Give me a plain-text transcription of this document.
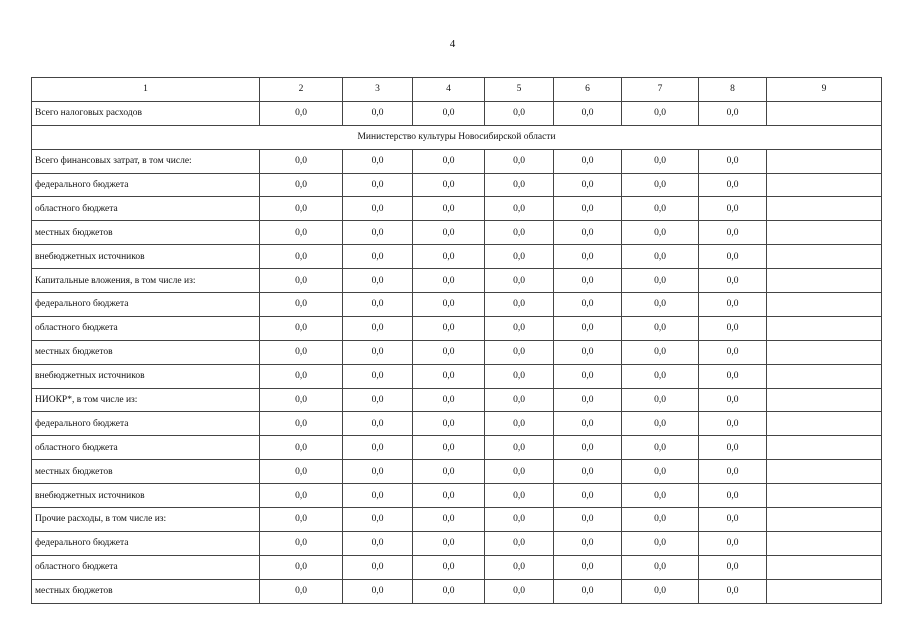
4
1	2	3	4	5	6	7	8	9
Всего налоговых расходов	0,0	0,0	0,0	0,0	0,0	0,0	0,0	
Министерство культуры Новосибирской области								
Всего финансовых затрат, в том числе:	0,0	0,0	0,0	0,0	0,0	0,0	0,0	
федерального бюджета	0,0	0,0	0,0	0,0	0,0	0,0	0,0	
областного бюджета	0,0	0,0	0,0	0,0	0,0	0,0	0,0	
местных бюджетов	0,0	0,0	0,0	0,0	0,0	0,0	0,0	
внебюджетных источников	0,0	0,0	0,0	0,0	0,0	0,0	0,0	
Капитальные вложения, в том числе из:	0,0	0,0	0,0	0,0	0,0	0,0	0,0	
федерального бюджета	0,0	0,0	0,0	0,0	0,0	0,0	0,0	
областного бюджета	0,0	0,0	0,0	0,0	0,0	0,0	0,0	
местных бюджетов	0,0	0,0	0,0	0,0	0,0	0,0	0,0	
внебюджетных источников	0,0	0,0	0,0	0,0	0,0	0,0	0,0	
НИОКР*, в том числе из:	0,0	0,0	0,0	0,0	0,0	0,0	0,0	
федерального бюджета	0,0	0,0	0,0	0,0	0,0	0,0	0,0	
областного бюджета	0,0	0,0	0,0	0,0	0,0	0,0	0,0	
местных бюджетов	0,0	0,0	0,0	0,0	0,0	0,0	0,0	
внебюджетных источников	0,0	0,0	0,0	0,0	0,0	0,0	0,0	
Прочие расходы, в том числе из:	0,0	0,0	0,0	0,0	0,0	0,0	0,0	
федерального бюджета	0,0	0,0	0,0	0,0	0,0	0,0	0,0	
областного бюджета	0,0	0,0	0,0	0,0	0,0	0,0	0,0	
местных бюджетов	0,0	0,0	0,0	0,0	0,0	0,0	0,0	
